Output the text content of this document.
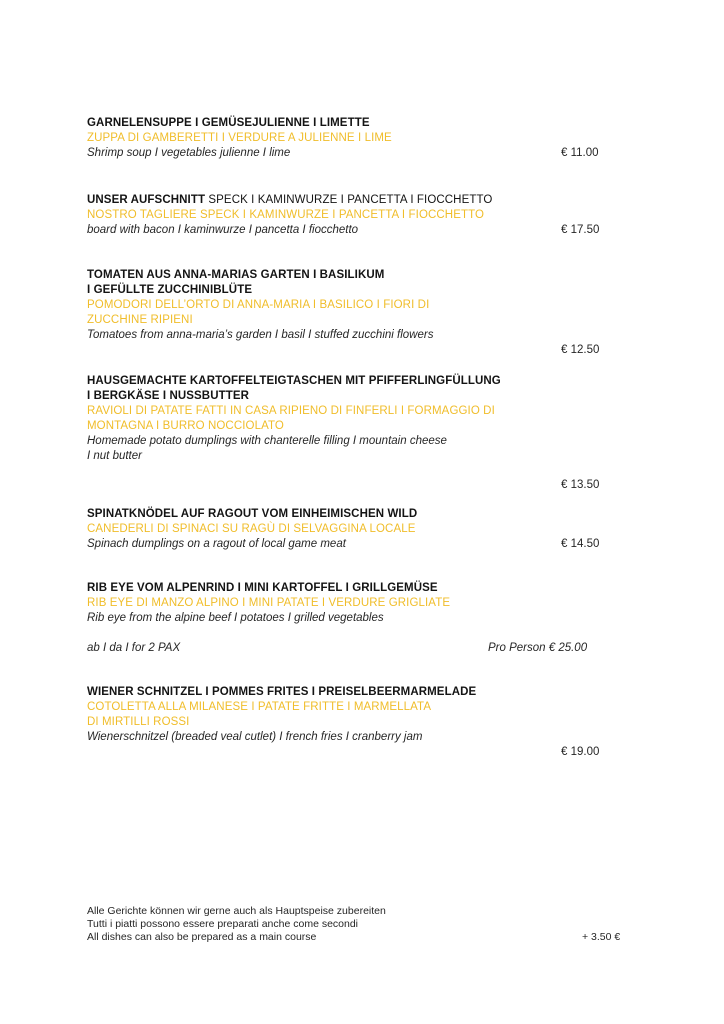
GARNELENSUPPE I GEMÜSEJULIENNE I LIMETTE
ZUPPA DI GAMBERETTI I VERDURE A JULIENNE I LIME
Shrimp soup I vegetables julienne I lime	€ 11.00
UNSER AUFSCHNITT SPECK I KAMINWURZE I PANCETTA I FIOCCHETTO
NOSTRO TAGLIERE SPECK I KAMINWURZE I PANCETTA I FIOCCHETTO
board with bacon I kaminwurze I pancetta I fiocchetto	€ 17.50
TOMATEN AUS ANNA-MARIAS GARTEN I BASILIKUM
I GEFÜLLTE ZUCCHINIBLÜTE
POMODORI DELL’ORTO DI ANNA-MARIA I BASILICO I FIORI DI
ZUCCHINE RIPIENI
Tomatoes from anna-maria’s garden I basil I stuffed zucchini flowers
€ 12.50
HAUSGEMACHTE KARTOFFELTEIGTASCHEN MIT PFIFFERLINGFÜLLUNG
I BERGKÄSE I NUSSBUTTER
RAVIOLI DI PATATE FATTI IN CASA RIPIENO DI FINFERLI I FORMAGGIO DI
MONTAGNA I BURRO NOCCIOLATO
Homemade potato dumplings with chanterelle filling I mountain cheese
I nut butter
€ 13.50
SPINATKNÖDEL AUF RAGOUT VOM EINHEIMISCHEN WILD
CANEDERLI DI SPINACI SU RAGÙ DI SELVAGGINA LOCALE
Spinach dumplings on a ragout of local game meat	€ 14.50
RIB EYE VOM ALPENRIND I MINI KARTOFFEL I GRILLGEMÜSE
RIB EYE DI MANZO ALPINO I MINI PATATE I VERDURE GRIGLIATE
Rib eye from the alpine beef I potatoes I grilled vegetables
ab I da I for 2 PAX	Pro Person € 25.00
WIENER SCHNITZEL I POMMES FRITES I PREISELBEERMARMELADE
COTOLETTA ALLA MILANESE I PATATE FRITTE I MARMELLATA
DI MIRTILLI ROSSI
Wienerschnitzel (breaded veal cutlet) I french fries I cranberry jam
€ 19.00
Alle Gerichte können wir gerne auch als Hauptspeise zubereiten
Tutti i piatti possono essere preparati anche come secondi
All dishes can also be prepared as a main course	+ 3.50 €
